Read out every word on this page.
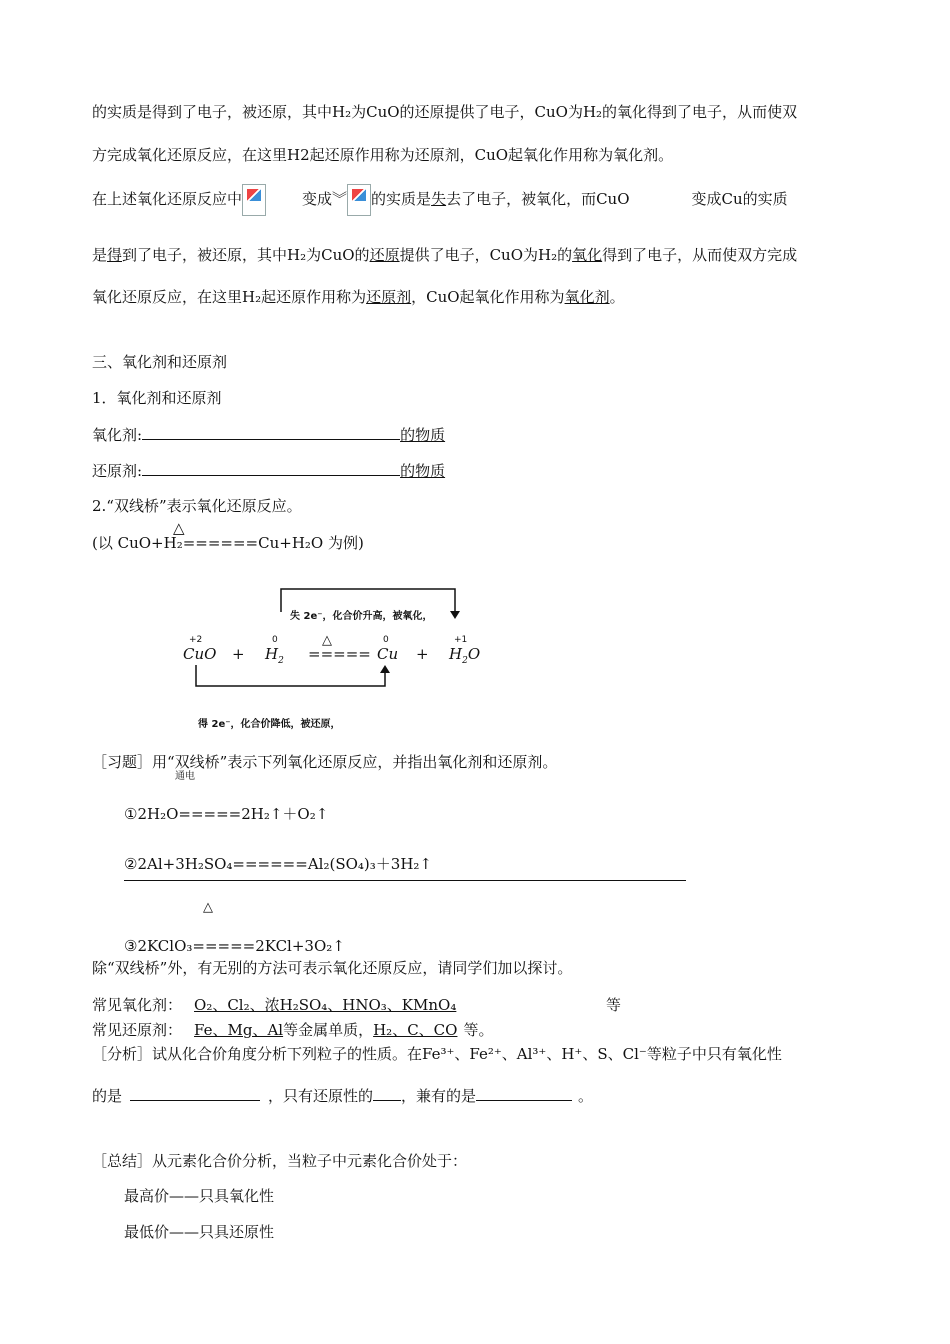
的实质是得到了电子，被还原，其中H₂为CuO的还原提供了电子，CuO为H₂的氧化得到了电子，从而使双
方完成氧化还原反应，在这里H2起还原作用称为还原剂，CuO起氧化作用称为氧化剂。
在上述氧化还原反应中	变成︾ 的实质是失去了电子，被氧化，而CuO	变成Cu的实质
是得到了电子，被还原，其中H₂为CuO的还原提供了电子，CuO为H₂的氧化得到了电子，从而使双方完成
氧化还原反应，在这里H₂起还原作用称为还原剂，CuO起氧化作用称为氧化剂。
三、氧化剂和还原剂
1．氧化剂和还原剂
氧化剂:	的物质
还原剂:	的物质
2.“双线桥”表示氧化还原反应。
△
(以 CuO+H₂======Cu+H₂O 为例)
失 2e⁻，化合价升高，被氧化，
+2
CuO +
0
$H_2$ =====
△	0
Cu +
+1
$H_2O$
得 2e⁻，化合价降低，被还原，
［习题］用“双线桥”表示下列氧化还原反应，并指出氧化剂和还原剂。
通电
①2H₂O=====2H₂↑＋O₂↑
②2Al+3H₂SO₄======Al₂(SO₄)₃＋3H₂↑
△
③2KClO₃=====2KCl+3O₂↑
除“双线桥”外，有无别的方法可表示氧化还原反应，请同学们加以探讨。
常见氧化剂： O₂、Cl₂、浓H₂SO₄、HNO₃、KMnO₄	等
常见还原剂： Fe、Mg、Al等金属单质，H₂、C、CO 等。
［分析］试从化合价角度分析下列粒子的性质。在Fe³⁺、Fe²⁺、Al³⁺、H⁺、S、Cl⁻等粒子中只有氧化性
的是	，只有还原性的 ，兼有的是	。
［总结］从元素化合价分析，当粒子中元素化合价处于：
最高价——只具氧化性
最低价——只具还原性
